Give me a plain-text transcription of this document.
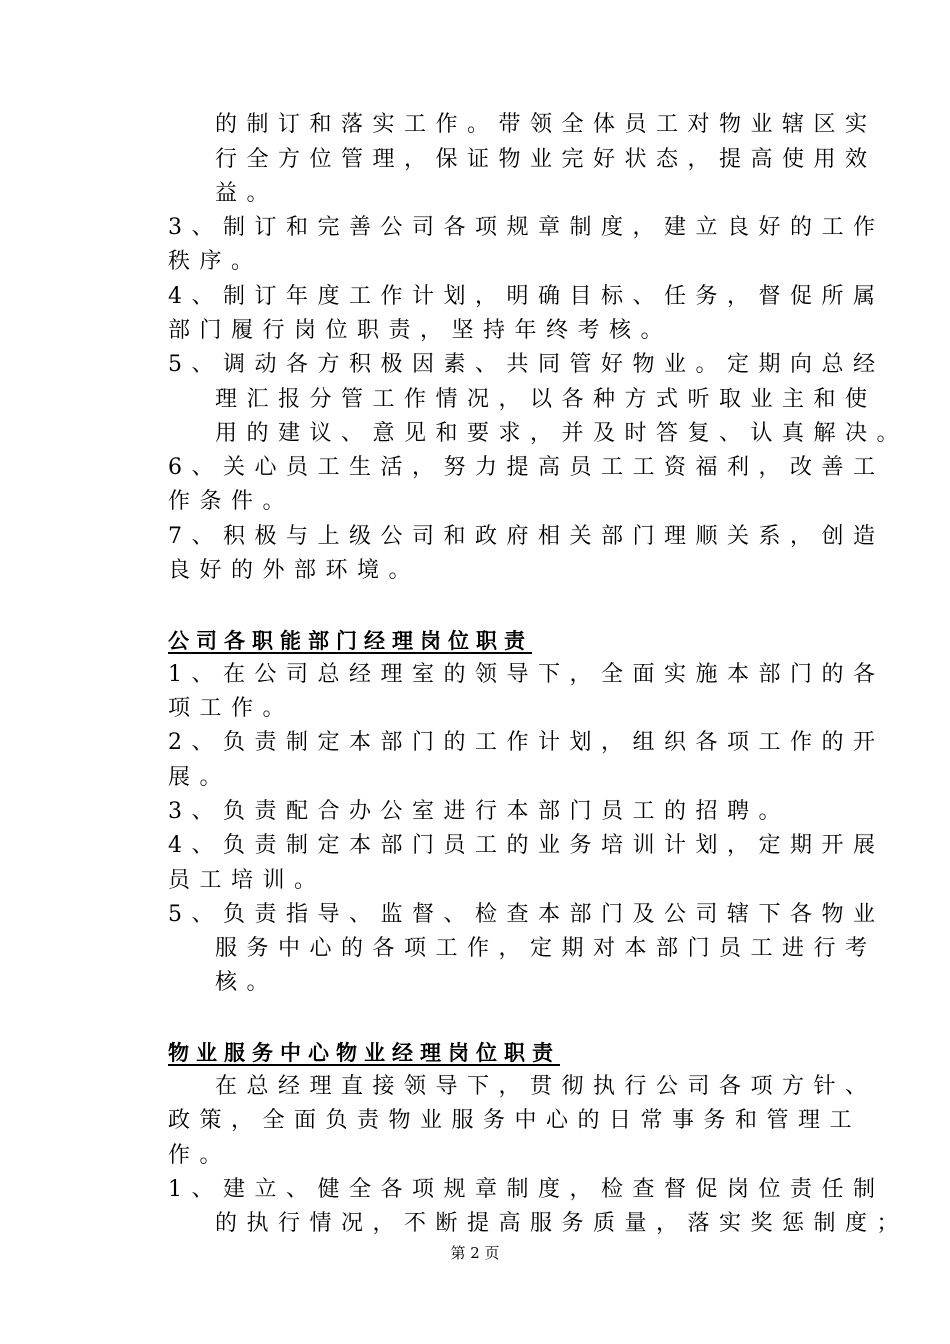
的制订和落实工作。带领全体员工对物业辖区实
行全方位管理，保证物业完好状态，提高使用效
益。
3、制订和完善公司各项规章制度，建立良好的工作
秩序。
4、制订年度工作计划，明确目标、任务，督促所属
部门履行岗位职责，坚持年终考核。
5、调动各方积极因素、共同管好物业。定期向总经
理汇报分管工作情况，以各种方式听取业主和使
用的建议、意见和要求，并及时答复、认真解决。
6、关心员工生活，努力提高员工工资福利，改善工
作条件。
7、积极与上级公司和政府相关部门理顺关系，创造
良好的外部环境。
公司各职能部门经理岗位职责
1、在公司总经理室的领导下，全面实施本部门的各
项工作。
2、负责制定本部门的工作计划，组织各项工作的开
展。
3、负责配合办公室进行本部门员工的招聘。
4、负责制定本部门员工的业务培训计划，定期开展
员工培训。
5、负责指导、监督、检查本部门及公司辖下各物业
服务中心的各项工作，定期对本部门员工进行考
核。
物业服务中心物业经理岗位职责
在总经理直接领导下，贯彻执行公司各项方针、
政策，全面负责物业服务中心的日常事务和管理工
作。
1、建立、健全各项规章制度，检查督促岗位责任制
的执行情况，不断提高服务质量，落实奖惩制度；
第 2 页
